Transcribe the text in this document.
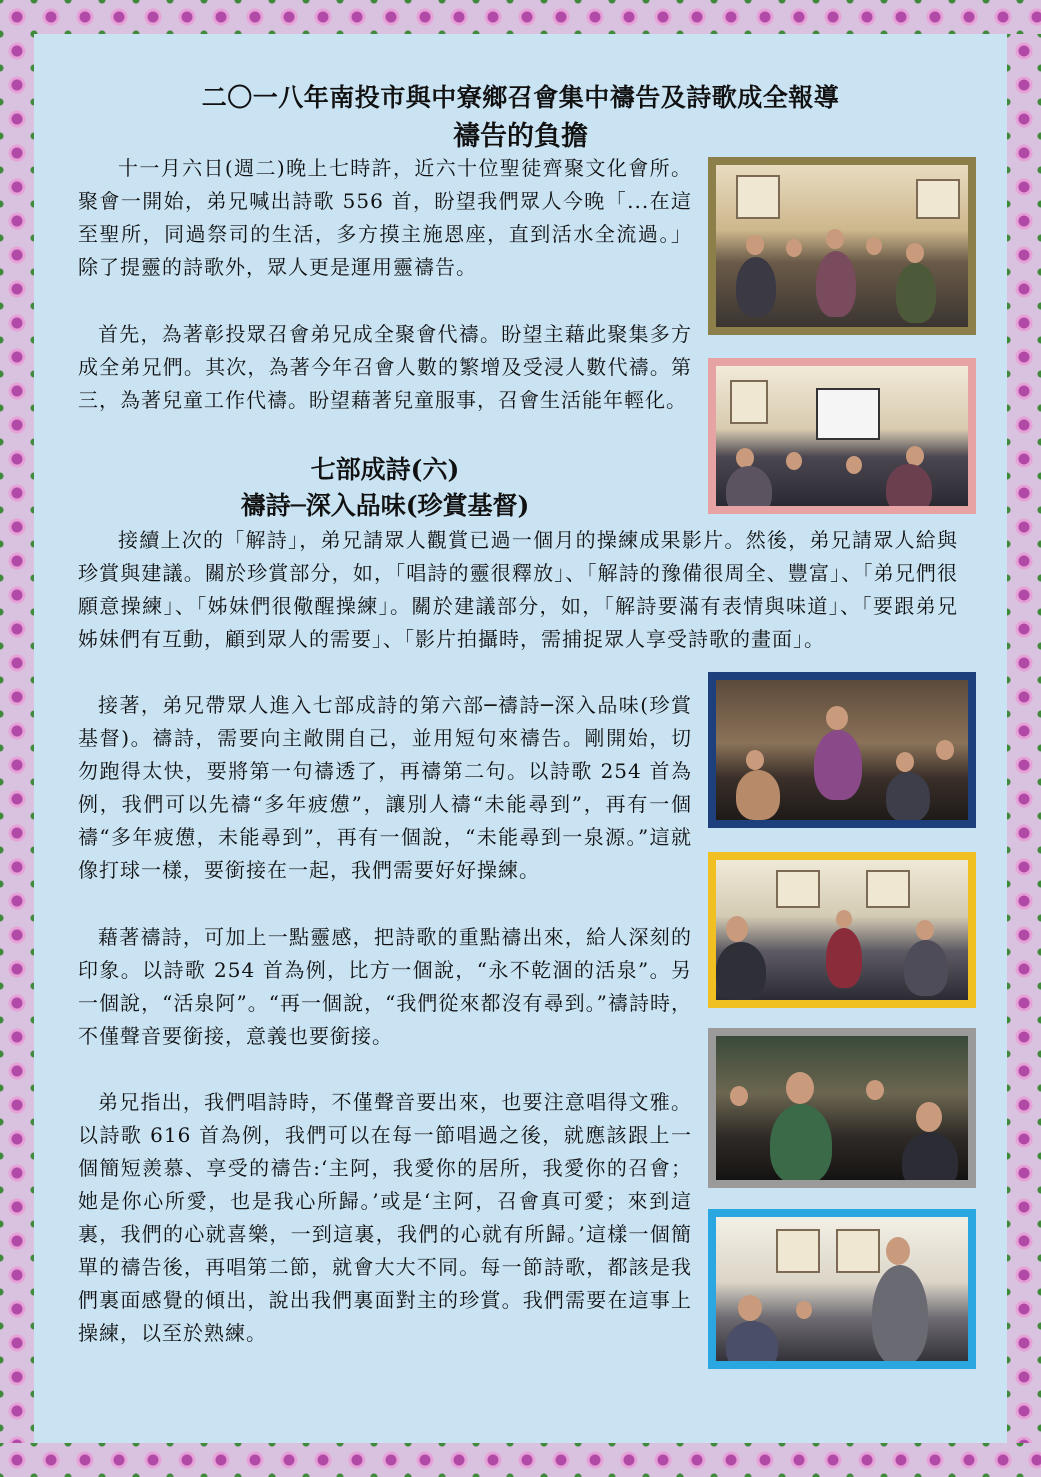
二〇一八年南投市與中寮鄉召會集中禱告及詩歌成全報導
禱告的負擔

十一月六日(週二)晚上七時許，近六十位聖徒齊聚文化會所。聚會一開始，弟兄喊出詩歌 556 首，盼望我們眾人今晚「...在這至聖所，同過祭司的生活，多方摸主施恩座，直到活水全流過。」除了提靈的詩歌外，眾人更是運用靈禱告。

首先，為著彰投眾召會弟兄成全聚會代禱。盼望主藉此聚集多方成全弟兄們。其次，為著今年召會人數的繁增及受浸人數代禱。第三，為著兒童工作代禱。盼望藉著兒童服事，召會生活能年輕化。

七部成詩(六)
禱詩─深入品味(珍賞基督)

接續上次的「解詩」，弟兄請眾人觀賞已過一個月的操練成果影片。然後，弟兄請眾人給與珍賞與建議。關於珍賞部分，如，「唱詩的靈很釋放」、「解詩的豫備很周全、豐富」、「弟兄們很願意操練」、「姊妹們很儆醒操練」。關於建議部分，如，「解詩要滿有表情與味道」、「要跟弟兄姊妹們有互動，顧到眾人的需要」、「影片拍攝時，需捕捉眾人享受詩歌的畫面」。

接著，弟兄帶眾人進入七部成詩的第六部─禱詩─深入品味(珍賞基督)。禱詩，需要向主敞開自己，並用短句來禱告。剛開始，切勿跑得太快，要將第一句禱透了，再禱第二句。以詩歌 254 首為例，我們可以先禱“多年疲憊”，讓別人禱“未能尋到”，再有一個禱“多年疲憊，未能尋到”，再有一個說，“未能尋到一泉源。”這就像打球一樣，要銜接在一起，我們需要好好操練。

藉著禱詩，可加上一點靈感，把詩歌的重點禱出來，給人深刻的印象。以詩歌 254 首為例，比方一個說，“永不乾涸的活泉”。另一個說，“活泉阿”。“再一個說，“我們從來都沒有尋到。”禱詩時，不僅聲音要銜接，意義也要銜接。

弟兄指出，我們唱詩時，不僅聲音要出來，也要注意唱得文雅。以詩歌 616 首為例，我們可以在每一節唱過之後，就應該跟上一個簡短羨慕、享受的禱告:‘主阿，我愛你的居所，我愛你的召會；她是你心所愛，也是我心所歸。’或是‘主阿，召會真可愛；來到這裏，我們的心就喜樂，一到這裏，我們的心就有所歸。’這樣一個簡單的禱告後，再唱第二節，就會大大不同。每一節詩歌，都該是我們裏面感覺的傾出，說出我們裏面對主的珍賞。我們需要在這事上操練，以至於熟練。
